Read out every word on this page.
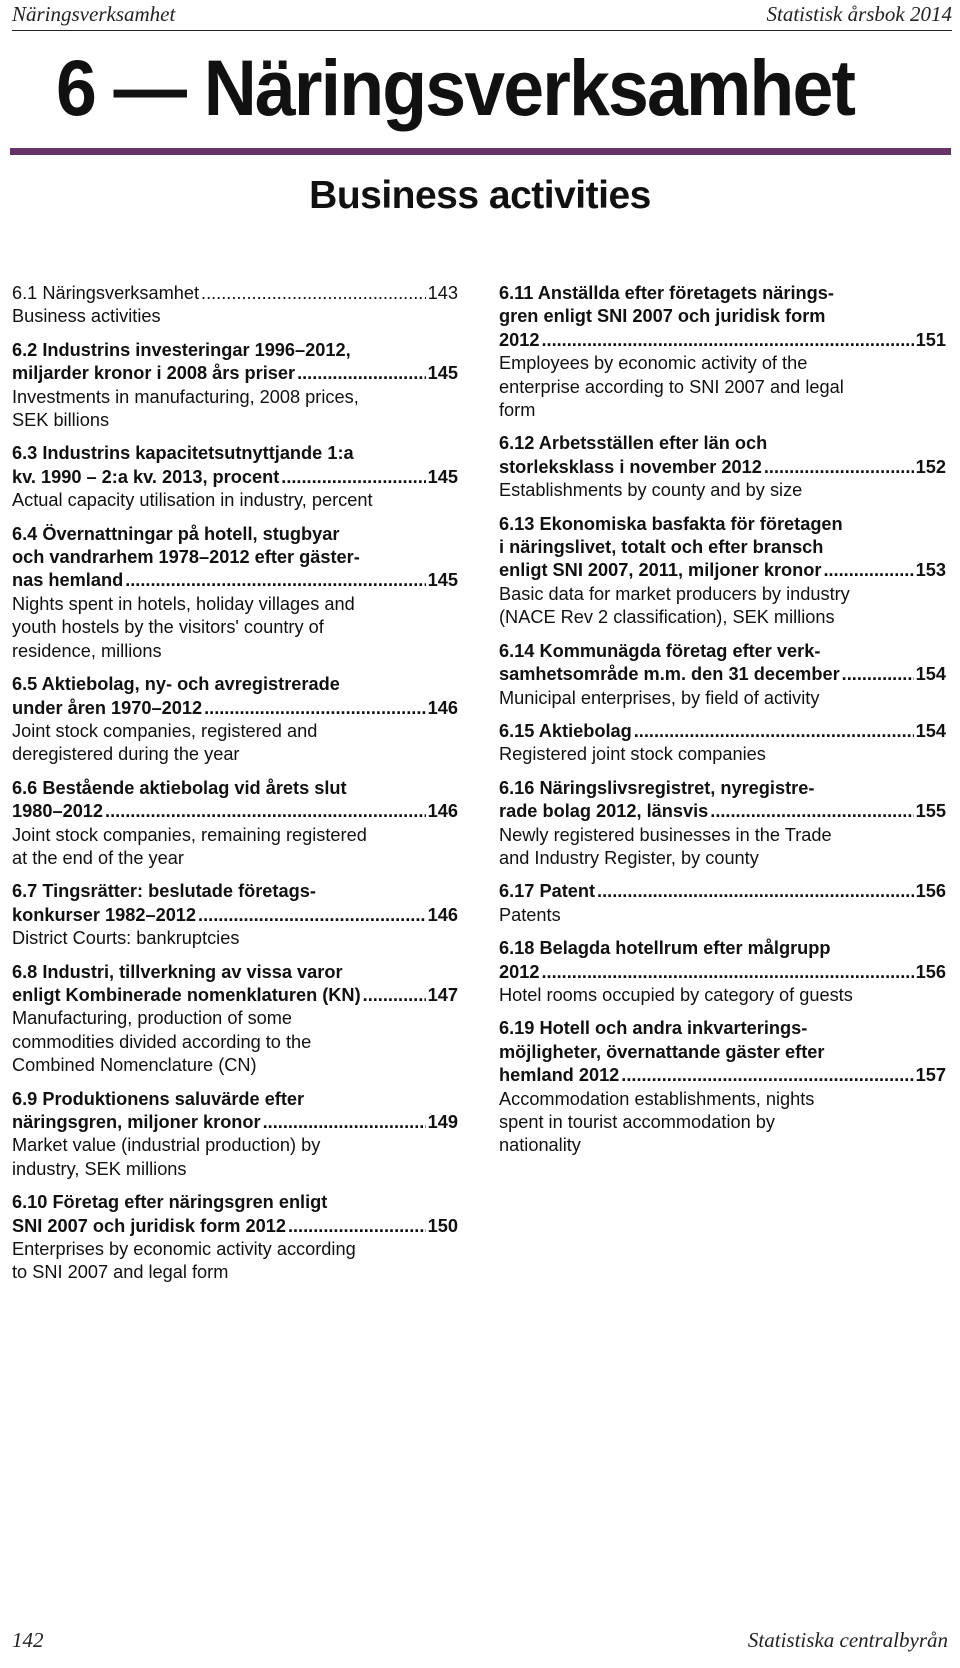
Näringsverksamhet	Statistisk årsbok 2014
6 — Näringsverksamhet
Business activities
6.1 Näringsverksamhet .....	143
Business activities
6.2 Industrins investeringar 1996–2012,
miljarder kronor i 2008 års priser .....	145
Investments in manufacturing, 2008 prices,
SEK billions
6.3 Industrins kapacitetsutnyttjande 1:a
kv. 1990 – 2:a kv. 2013, procent .....	145
Actual capacity utilisation in industry, percent
6.4 Övernattningar på hotell, stugbyar
och vandrarhem 1978–2012 efter gäster-
nas hemland .....	145
Nights spent in hotels, holiday villages and
youth hostels by the visitors' country of
residence, millions
6.5 Aktiebolag, ny- och avregistrerade
under åren 1970–2012 .....	146
Joint stock companies, registered and
deregistered during the year
6.6 Bestående aktiebolag vid årets slut
1980–2012 .....	146
Joint stock companies, remaining registered
at the end of the year
6.7 Tingsrätter: beslutade företags-
konkurser 1982–2012 .....	146
District Courts: bankruptcies
6.8 Industri, tillverkning av vissa varor
enligt Kombinerade nomenklaturen (KN) .....	147
Manufacturing, production of some
commodities divided according to the
Combined Nomenclature (CN)
6.9 Produktionens saluvärde efter
näringsgren, miljoner kronor .....	149
Market value (industrial production) by
industry, SEK millions
6.10 Företag efter näringsgren enligt
SNI 2007 och juridisk form 2012 .....	150
Enterprises by economic activity according
to SNI 2007 and legal form
6.11 Anställda efter företagets närings-
gren enligt SNI 2007 och juridisk form
2012 .....	151
Employees by economic activity of the
enterprise according to SNI 2007 and legal
form
6.12 Arbetsställen efter län och
storleksklass i november 2012 .....	152
Establishments by county and by size
6.13 Ekonomiska basfakta för företagen
i näringslivet, totalt och efter bransch
enligt SNI 2007, 2011, miljoner kronor .....	153
Basic data for market producers by industry
(NACE Rev 2 classification), SEK millions
6.14 Kommunägda företag efter verk-
samhetsområde m.m. den 31 december .....	154
Municipal enterprises, by field of activity
6.15 Aktiebolag .....	154
Registered joint stock companies
6.16 Näringslivsregistret, nyregistre-
rade bolag 2012, länsvis .....	155
Newly registered businesses in the Trade
and Industry Register, by county
6.17 Patent .....	156
Patents
6.18 Belagda hotellrum efter målgrupp
2012 .....	156
Hotel rooms occupied by category of guests
6.19 Hotell och andra inkvarterings-
möjligheter, övernattande gäster efter
hemland 2012 .....	157
Accommodation establishments, nights
spent in tourist accommodation by
nationality
142	Statistiska centralbyrån
